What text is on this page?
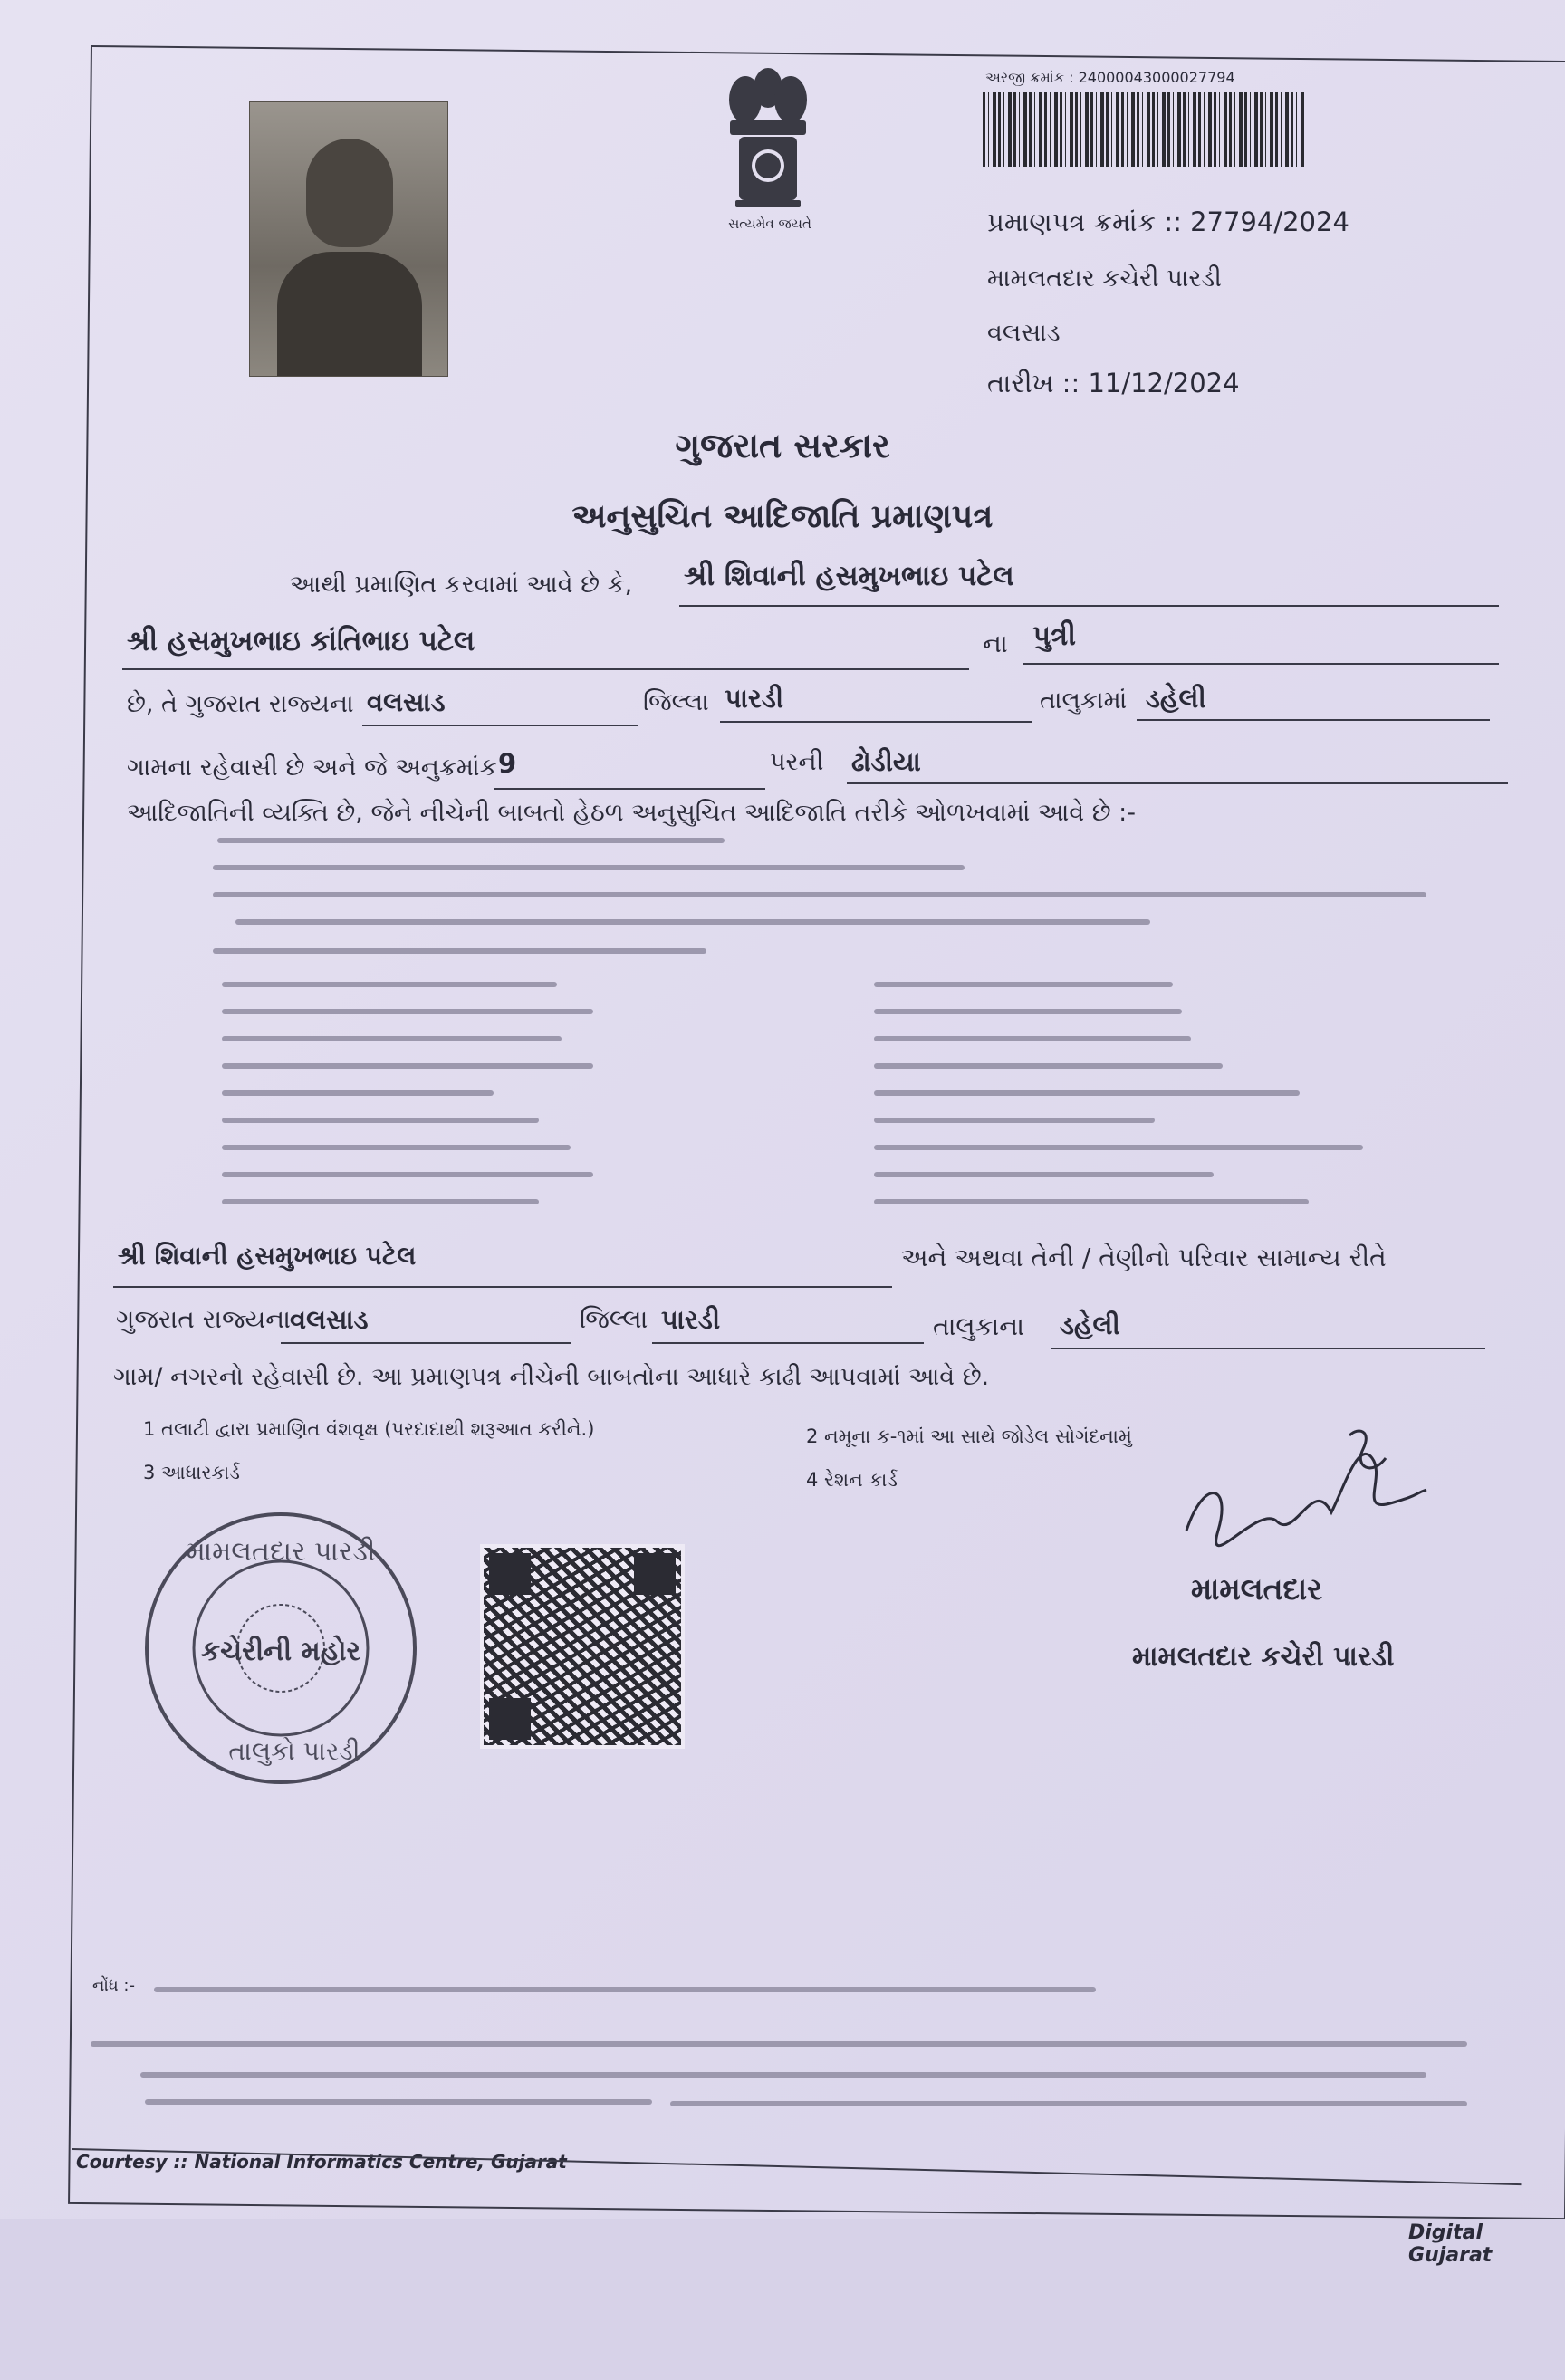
સત્યમેવ જયતે
અરજી ક્રમાંક : 24000043000027794
પ્રમાણપત્ર ક્રમાંક :: 27794/2024
મામલતદાર કચેરી પારડી
વલસાડ
તારીખ :: 11/12/2024
ગુજરાત સરકાર
અનુસુચિત આદિજાતિ પ્રમાણપત્ર
આથી પ્રમાણિત કરવામાં આવે છે કે, શ્રી શિવાની હસમુખભાઇ પટેલ
શ્રી હસમુખભાઇ કાંતિભાઇ પટેલ	ના પુત્રી
છે, તે ગુજરાત રાજ્યના વલસાડ	જિલ્લા પારડી	તાલુકામાં ડહેલી
ગામના રહેવાસી છે અને જે અનુક્રમાંક 9	પરની ઢોડીયા
આદિજાતિની વ્યક્તિ છે, જેને નીચેની બાબતો હેઠળ અનુસુચિત આદિજાતિ તરીકે ઓળખવામાં આવે છે :-
શ્રી શિવાની હસમુખભાઇ પટેલ	અને અથવા તેની / તેણીનો પરિવાર સામાન્ય રીતે
ગુજરાત રાજ્યના
વલસાડ	જિલ્લા પારડી	તાલુકાના ડહેલી
ગામ/ નગરનો રહેવાસી છે. આ પ્રમાણપત્ર નીચેની બાબતોના આધારે કાઢી આપવામાં આવે છે.
1 તલાટી દ્વારા પ્રમાણિત વંશવૃક્ષ (પરદાદાથી શરૂઆત કરીને.)	2 નમૂના ક-૧માં આ સાથે જોડેલ સોગંદનામું
3 આધારકાર્ડ	4 રેશન કાર્ડ
મામલતદાર
મામલતદાર કચેરી પારડી
મામલતદાર પારડી
કચેરીની મહોર
તાલુકો પારડી
નોંધ :-
Courtesy :: National Informatics Centre, Gujarat
Digital Gujarat
